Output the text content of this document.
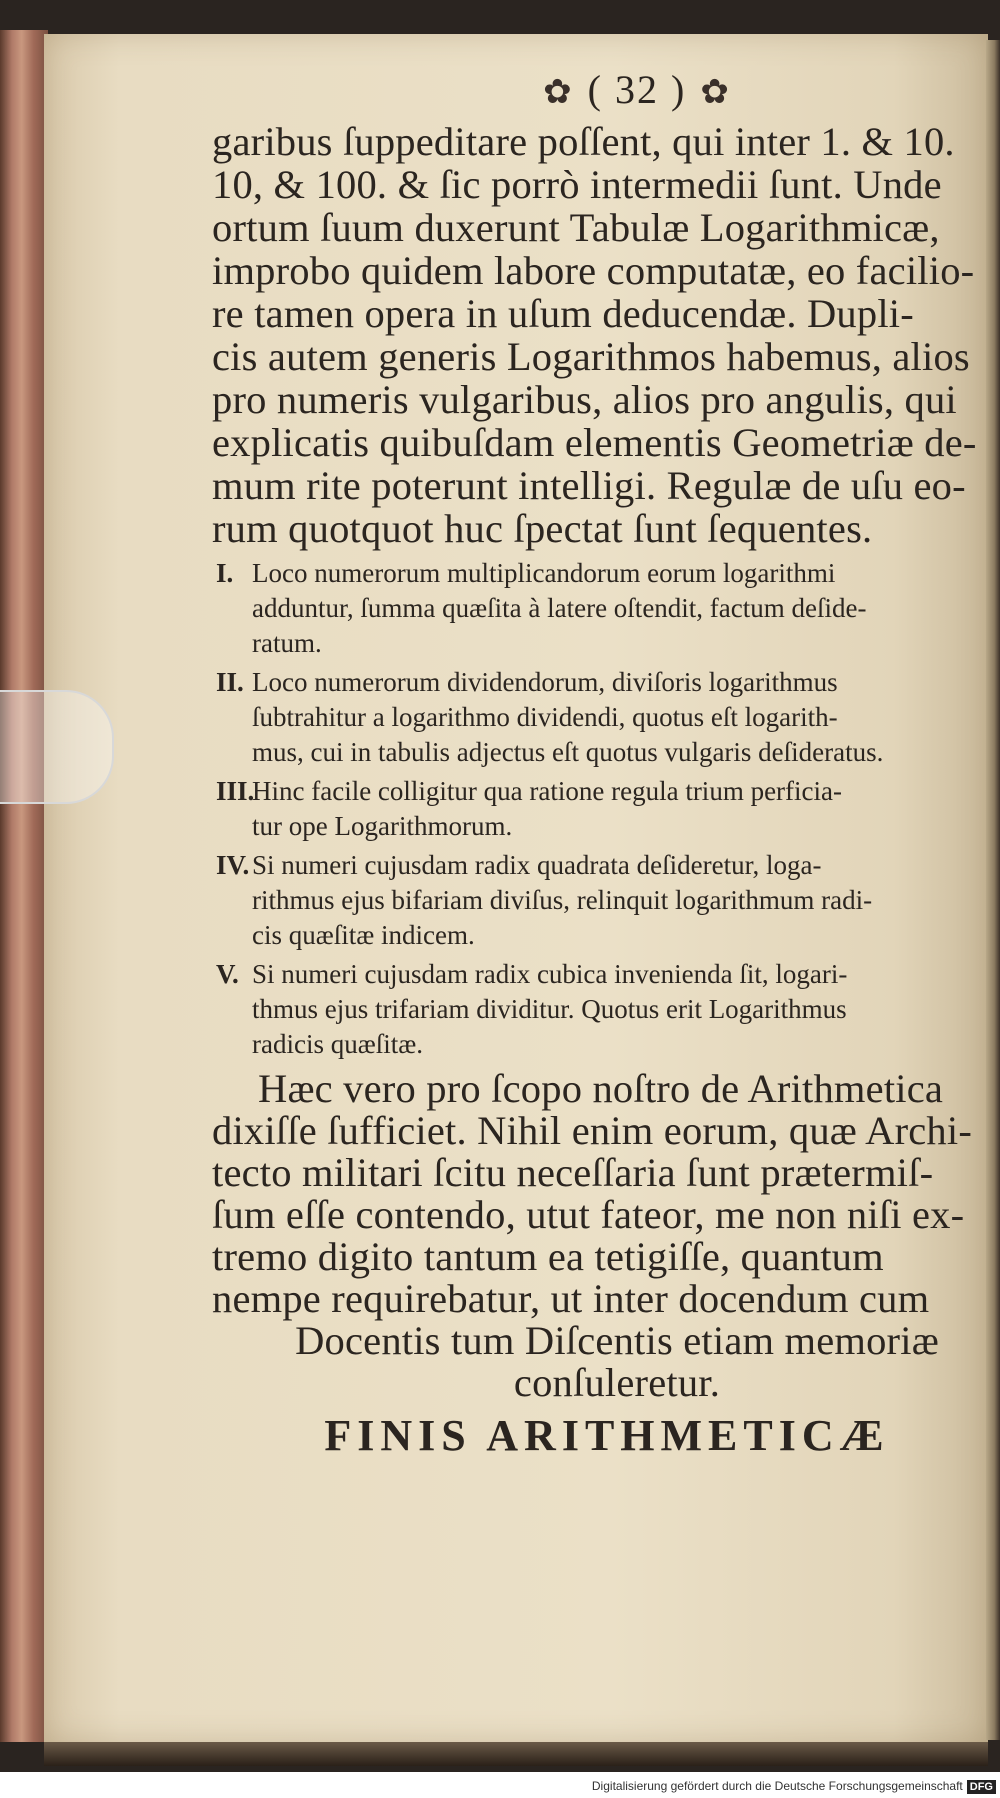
✿ ( 32 ) ✿
garibus ſuppeditare poſſent, qui inter 1. & 10.
10, & 100. & ſic porrò intermedii ſunt. Unde
ortum ſuum duxerunt Tabulæ Logarithmicæ,
improbo quidem labore computatæ, eo facilio-
re tamen opera in uſum deducendæ. Dupli-
cis autem generis Logarithmos habemus, alios
pro numeris vulgaribus, alios pro angulis, qui
explicatis quibuſdam elementis Geometriæ de-
mum rite poterunt intelligi. Regulæ de uſu eo-
rum quotquot huc ſpectat ſunt ſequentes.
I. Loco numerorum multiplicandorum eorum logarithmi
adduntur, ſumma quæſita à latere oſtendit, factum deſide-
ratum.
II. Loco numerorum dividendorum, diviſoris logarithmus
ſubtrahitur a logarithmo dividendi, quotus eſt logarith-
mus, cui in tabulis adjectus eſt quotus vulgaris deſideratus.
III.Hinc facile colligitur qua ratione regula trium perficia-
tur ope Logarithmorum.
IV. Si numeri cujusdam radix quadrata deſideretur, loga-
rithmus ejus bifariam diviſus, relinquit logarithmum radi-
cis quæſitæ indicem.
V. Si numeri cujusdam radix cubica invenienda ſit, logari-
thmus ejus trifariam dividitur. Quotus erit Logarithmus
radicis quæſitæ.
Hæc vero pro ſcopo noſtro de Arithmetica
dixiſſe ſufficiet. Nihil enim eorum, quæ Archi-
tecto militari ſcitu neceſſaria ſunt prætermiſ-
ſum eſſe contendo, utut fateor, me non niſi ex-
tremo digito tantum ea tetigiſſe, quantum
nempe requirebatur, ut inter docendum cum
Docentis tum Diſcentis etiam memoriæ
conſuleretur.
FINIS ARITHMETICÆ
Digitalisierung gefördert durch die Deutsche Forschungsgemeinschaft DFG
